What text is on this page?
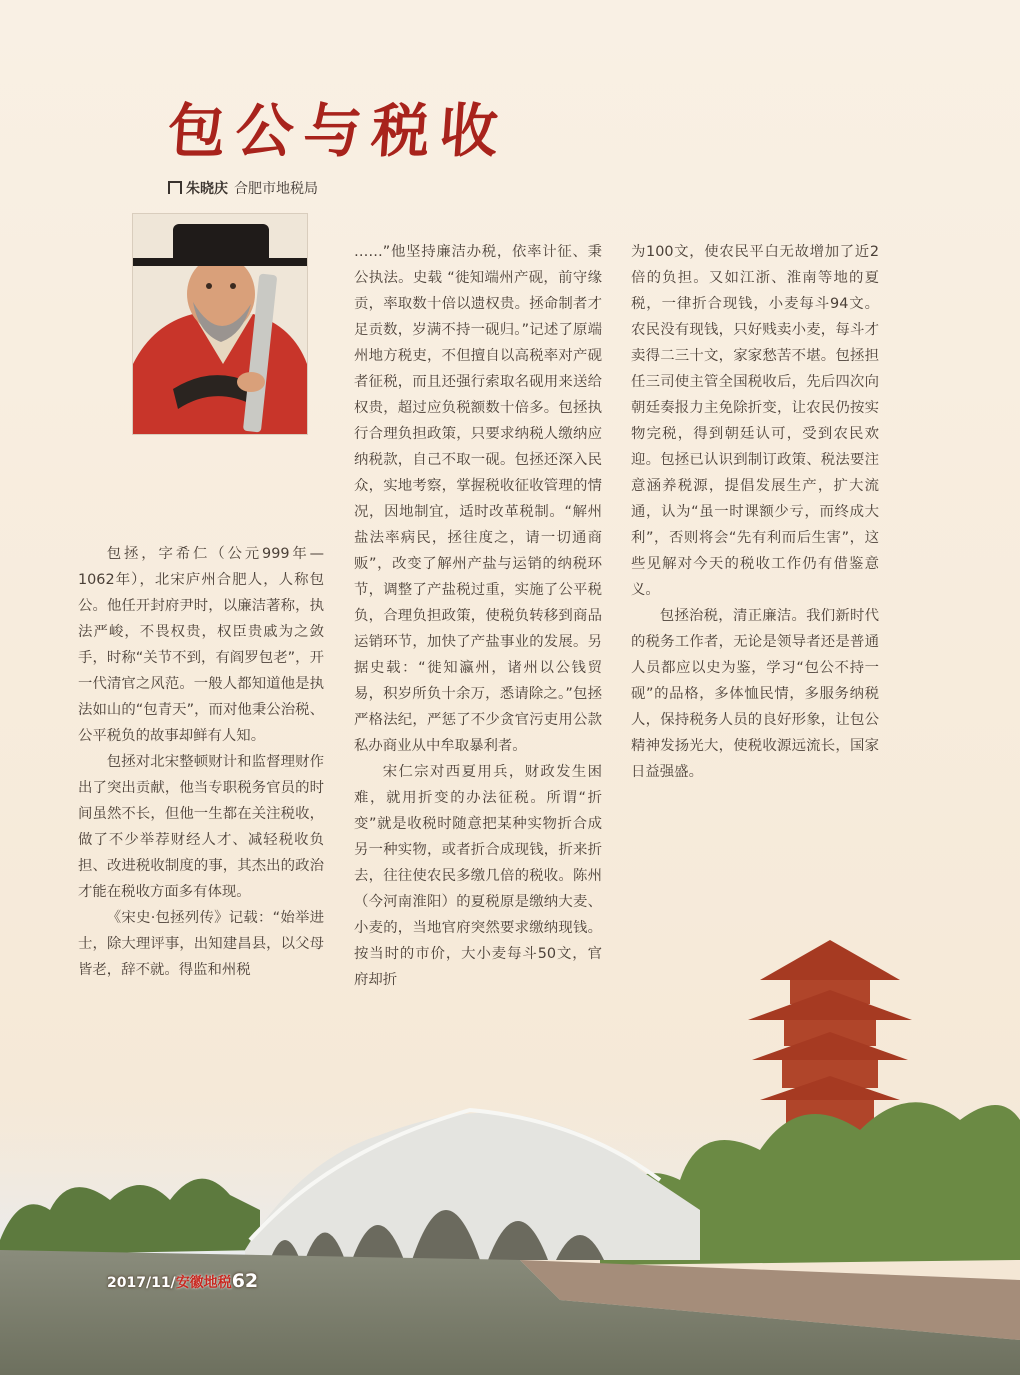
包公与税收
朱晓庆 合肥市地税局

包拯，字希仁（公元999年—1062年），北宋庐州合肥人，人称包公。他任开封府尹时，以廉洁著称，执法严峻，不畏权贵，权臣贵戚为之敛手，时称“关节不到，有阎罗包老”，开一代清官之风范。一般人都知道他是执法如山的“包青天”，而对他秉公治税、公平税负的故事却鲜有人知。

包拯对北宋整顿财计和监督理财作出了突出贡献，他当专职税务官员的时间虽然不长，但他一生都在关注税收，做了不少举荐财经人才、减轻税收负担、改进税收制度的事，其杰出的政治才能在税收方面多有体现。

《宋史·包拯列传》记载：“始举进士，除大理评事，出知建昌县，以父母皆老，辞不就。得监和州税

……”他坚持廉洁办税，依率计征、秉公执法。史载 “徙知端州产砚，前守缘贡，率取数十倍以遗权贵。拯命制者才足贡数，岁满不持一砚归。”记述了原端州地方税吏，不但擅自以高税率对产砚者征税，而且还强行索取名砚用来送给权贵，超过应负税额数十倍多。包拯执行合理负担政策，只要求纳税人缴纳应纳税款，自己不取一砚。包拯还深入民众，实地考察，掌握税收征收管理的情况，因地制宜，适时改革税制。“解州盐法率病民，拯往度之，请一切通商贩”，改变了解州产盐与运销的纳税环节，调整了产盐税过重，实施了公平税负，合理负担政策，使税负转移到商品运销环节，加快了产盐事业的发展。另据史载：“徙知瀛州，诸州以公钱贸易，积岁所负十余万，悉请除之。”包拯严格法纪，严惩了不少贪官污吏用公款私办商业从中牟取暴利者。

宋仁宗对西夏用兵，财政发生困难，就用折变的办法征税。所谓“折变”就是收税时随意把某种实物折合成另一种实物，或者折合成现钱，折来折去，往往使农民多缴几倍的税收。陈州（今河南淮阳）的夏税原是缴纳大麦、小麦的，当地官府突然要求缴纳现钱。按当时的市价，大小麦每斗50文，官府却折

为100文，使农民平白无故增加了近2倍的负担。又如江浙、淮南等地的夏税，一律折合现钱，小麦每斗94文。农民没有现钱，只好贱卖小麦，每斗才卖得二三十文，家家愁苦不堪。包拯担任三司使主管全国税收后，先后四次向朝廷奏报力主免除折变，让农民仍按实物完税，得到朝廷认可，受到农民欢迎。包拯已认识到制订政策、税法要注意涵养税源，提倡发展生产，扩大流通，认为“虽一时课额少亏，而终成大利”，否则将会“先有利而后生害”，这些见解对今天的税收工作仍有借鉴意义。

包拯治税，清正廉洁。我们新时代的税务工作者，无论是领导者还是普通人员都应以史为鉴，学习“包公不持一砚”的品格，多体恤民情，多服务纳税人，保持税务人员的良好形象，让包公精神发扬光大，使税收源远流长，国家日益强盛。

2017/11/安徽地税62
